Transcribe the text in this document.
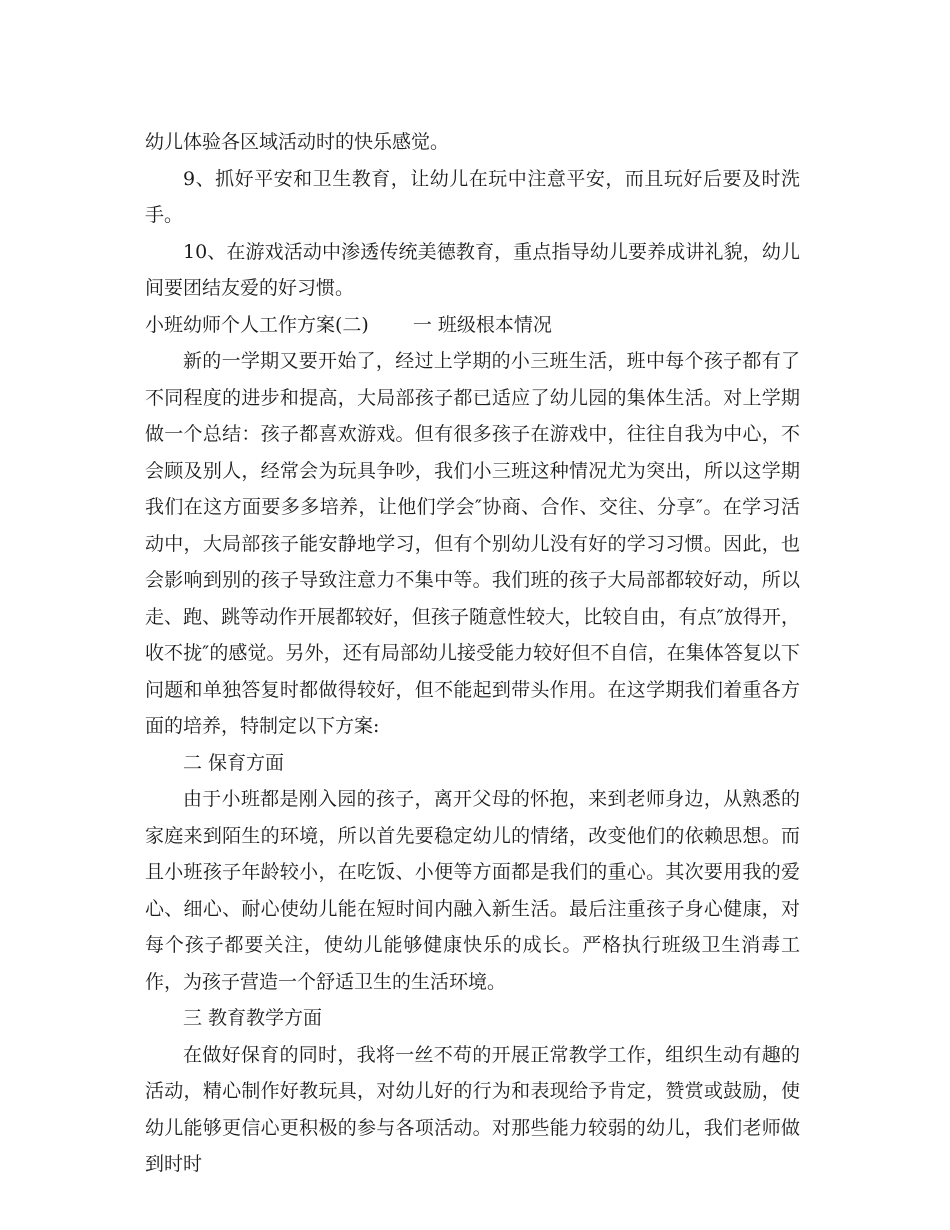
幼儿体验各区域活动时的快乐感觉。

9、抓好平安和卫生教育，让幼儿在玩中注意平安，而且玩好后要及时洗手。

10、在游戏活动中渗透传统美德教育，重点指导幼儿要养成讲礼貌，幼儿间要团结友爱的好习惯。

小班幼师个人工作方案(二)　　 一 班级根本情况

新的一学期又要开始了，经过上学期的小三班生活，班中每个孩子都有了不同程度的进步和提高，大局部孩子都已适应了幼儿园的集体生活。对上学期做一个总结：孩子都喜欢游戏。但有很多孩子在游戏中，往往自我为中心，不会顾及别人，经常会为玩具争吵，我们小三班这种情况尤为突出，所以这学期我们在这方面要多多培养，让他们学会″协商、合作、交往、分享″。在学习活动中，大局部孩子能安静地学习，但有个别幼儿没有好的学习习惯。因此，也会影响到别的孩子导致注意力不集中等。我们班的孩子大局部都较好动，所以走、跑、跳等动作开展都较好，但孩子随意性较大，比较自由，有点″放得开，收不拢″的感觉。另外，还有局部幼儿接受能力较好但不自信，在集体答复以下问题和单独答复时都做得较好，但不能起到带头作用。在这学期我们着重各方面的培养，特制定以下方案:

二 保育方面

由于小班都是刚入园的孩子，离开父母的怀抱，来到老师身边，从熟悉的家庭来到陌生的环境，所以首先要稳定幼儿的情绪，改变他们的依赖思想。而且小班孩子年龄较小，在吃饭、小便等方面都是我们的重心。其次要用我的爱心、细心、耐心使幼儿能在短时间内融入新生活。最后注重孩子身心健康，对每个孩子都要关注，使幼儿能够健康快乐的成长。严格执行班级卫生消毒工作，为孩子营造一个舒适卫生的生活环境。

三 教育教学方面

在做好保育的同时，我将一丝不苟的开展正常教学工作，组织生动有趣的活动，精心制作好教玩具，对幼儿好的行为和表现给予肯定，赞赏或鼓励，使幼儿能够更信心更积极的参与各项活动。对那些能力较弱的幼儿，我们老师做到时时
